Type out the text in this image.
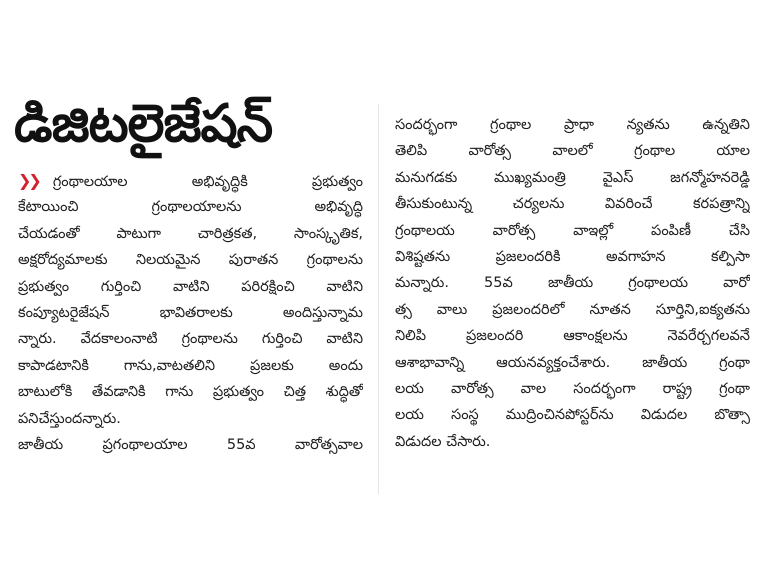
డిజిటలైజేషన్
❯❯ గ్రంథాలయాల అభివృద్ధికి ప్రభుత్వం
కేటాయించి గ్రంథాలయాలను అభివృద్ధి
చేయడంతో పాటుగా చారిత్రకత, సాంస్కృతిక,
అక్షరోద్యమాలకు నిలయమైన పురాతన గ్రంథాలను
ప్రభుత్వం గుర్తించి వాటిని పరిరక్షించి వాటిని
కంప్యూటరైజేషన్ భావితరాలకు అందిస్తున్నామ
న్నారు. వేదకాలంనాటి గ్రంథాలను గుర్తించి వాటిని
కాపాడటానికి గాను,వాటతలిని ప్రజలకు అందు
బాటులోకి తేవడానికి గాను ప్రభుత్వం చిత్త శుద్ధితో
పనిచేస్తుందన్నారు.
జాతీయ ప్రగంథాలయాల 55వ వారోత్సవాల
సందర్భంగా గ్రంథాల ప్రాధా న్యతను ఉన్నతిని
తెలిపి వారోత్స వాలలో గ్రంథాల యాల
మనుగడకు ముఖ్యమంత్రి వైఎస్ జగన్మోహనరెడ్డి
తీసుకుంటున్న చర్యలను వివరించే కరపత్రాన్ని
గ్రంథాలయ వారోత్స వాఇల్లో పంపిణీ చేసి
విశిష్టతను ప్రజలందరికి అవగాహన కల్పిసా
మన్నారు. 55వ జాతీయ గ్రంథాలయ వారో
త్స వాలు ప్రజలందరిలో నూతన సూర్తిని,ఐక్యతను
నిలిపి ప్రజలందరి ఆకాంక్షలను నెవరేర్చగలవనే
ఆశాభావాన్ని ఆయనవ్యక్తంచేశారు. జాతీయ గ్రంథా
లయ వారోత్స వాల సందర్భంగా రాష్ట్ర గ్రంథా
లయ సంస్థ ముద్రించినపోస్టర్‌ను విడుదల బొత్సా
విడుదల చేసారు.
